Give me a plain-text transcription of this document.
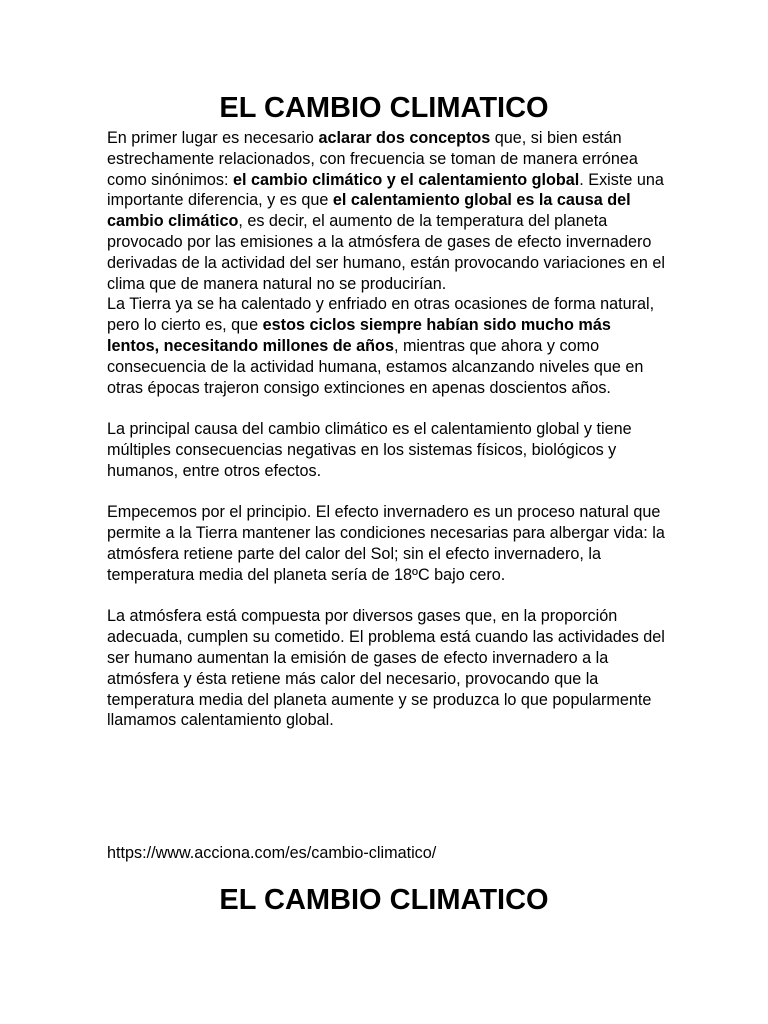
EL CAMBIO CLIMATICO

En primer lugar es necesario aclarar dos conceptos que, si bien están estrechamente relacionados, con frecuencia se toman de manera errónea como sinónimos: el cambio climático y el calentamiento global. Existe una importante diferencia, y es que el calentamiento global es la causa del cambio climático, es decir, el aumento de la temperatura del planeta provocado por las emisiones a la atmósfera de gases de efecto invernadero derivadas de la actividad del ser humano, están provocando variaciones en el clima que de manera natural no se producirían.

La Tierra ya se ha calentado y enfriado en otras ocasiones de forma natural, pero lo cierto es, que estos ciclos siempre habían sido mucho más lentos, necesitando millones de años, mientras que ahora y como consecuencia de la actividad humana, estamos alcanzando niveles que en otras épocas trajeron consigo extinciones en apenas doscientos años.

La principal causa del cambio climático es el calentamiento global y tiene múltiples consecuencias negativas en los sistemas físicos, biológicos y humanos, entre otros efectos.

Empecemos por el principio. El efecto invernadero es un proceso natural que permite a la Tierra mantener las condiciones necesarias para albergar vida: la atmósfera retiene parte del calor del Sol; sin el efecto invernadero, la temperatura media del planeta sería de 18ºC bajo cero.

La atmósfera está compuesta por diversos gases que, en la proporción adecuada, cumplen su cometido. El problema está cuando las actividades del ser humano aumentan la emisión de gases de efecto invernadero a la atmósfera y ésta retiene más calor del necesario, provocando que la temperatura media del planeta aumente y se produzca lo que popularmente llamamos calentamiento global.

https://www.acciona.com/es/cambio-climatico/
EL CAMBIO CLIMATICO
